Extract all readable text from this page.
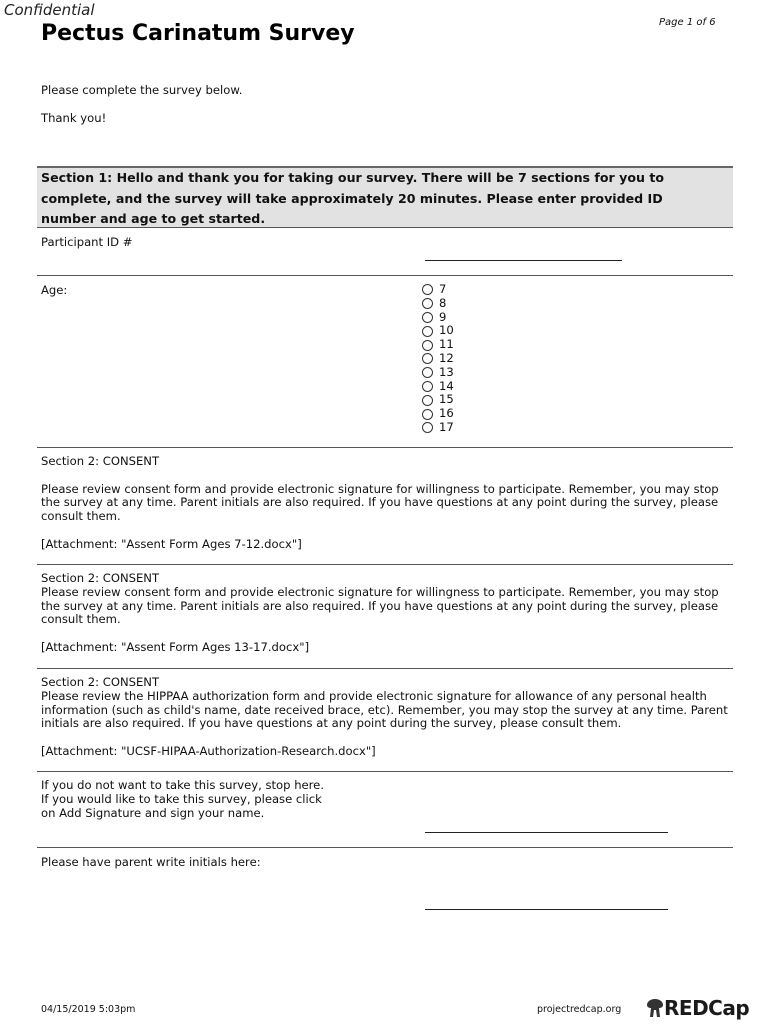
Confidential
Page 1 of 6
Pectus Carinatum Survey
Please complete the survey below.
Thank you!
Section 1: Hello and thank you for taking our survey. There will be 7 sections for you to complete, and the survey will take approximately 20 minutes. Please enter provided ID number and age to get started.
Participant ID #
Age:	7
8
9
10
11
12
13
14
15
16
17

Section 2: CONSENT

Please review consent form and provide electronic signature for willingness to participate. Remember, you may stop the survey at any time. Parent initials are also required. If you have questions at any point during the survey, please consult them.

[Attachment: "Assent Form Ages 7-12.docx"]

Section 2: CONSENT

Please review consent form and provide electronic signature for willingness to participate. Remember, you may stop the survey at any time. Parent initials are also required. If you have questions at any point during the survey, please consult them.

[Attachment: "Assent Form Ages 13-17.docx"]

Section 2: CONSENT

Please review the HIPPAA authorization form and provide electronic signature for allowance of any personal health information (such as child's name, date received brace, etc). Remember, you may stop the survey at any time. Parent initials are also required. If you have questions at any point during the survey, please consult them.

[Attachment: "UCSF-HIPAA-Authorization-Research.docx"]

If you do not want to take this survey, stop here.

If you would like to take this survey, please click

on Add Signature and sign your name.

Please have parent write initials here:
04/15/2019 5:03pm	projectredcap.org REDCap
